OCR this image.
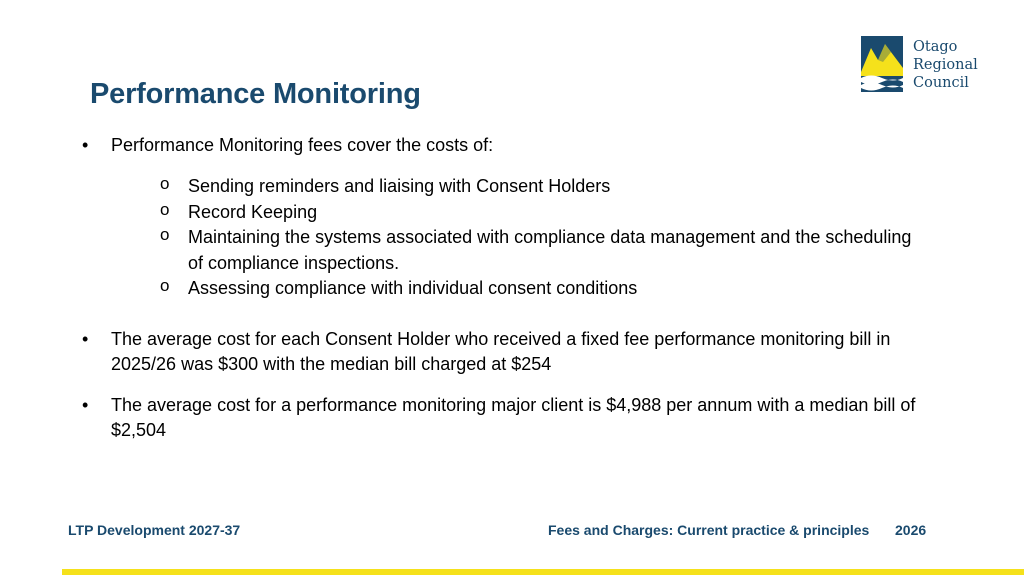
Otago
Regional
Council
Performance Monitoring
• Performance Monitoring fees cover the costs of:
o Sending reminders and liaising with Consent Holders
o Record Keeping
o Maintaining the systems associated with compliance data management and the scheduling of compliance inspections.
o Assessing compliance with individual consent conditions
• The average cost for each Consent Holder who received a fixed fee performance monitoring bill in 2025/26 was $300 with the median bill charged at $254
• The average cost for a performance monitoring major client is $4,988 per annum with a median bill of $2,504
LTP Development 2027-37	Fees and Charges: Current practice & principles 2026
